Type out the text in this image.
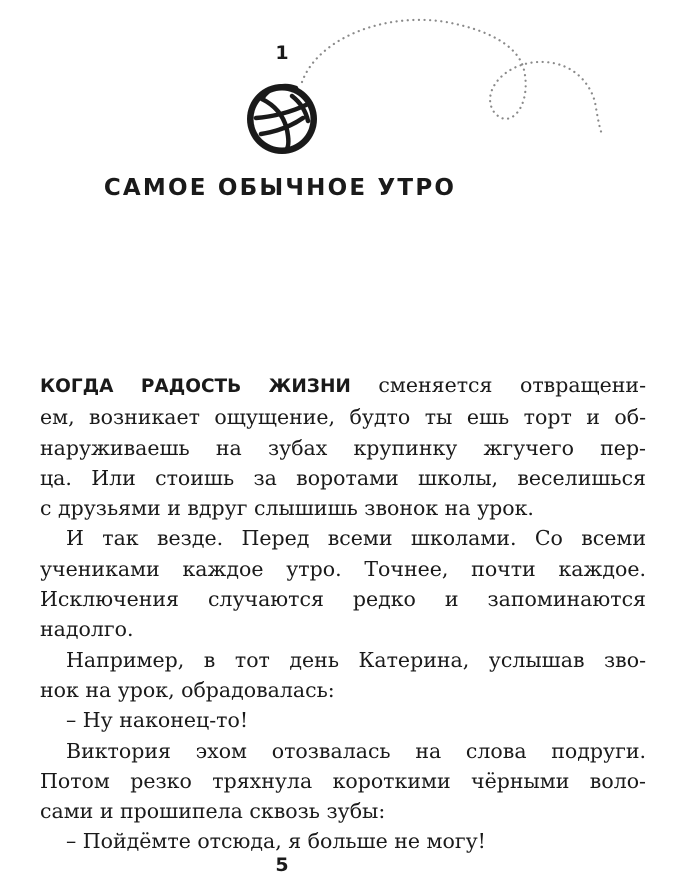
1
САМОЕ ОБЫЧНОЕ УТРО
КОГДА РАДОСТЬ ЖИЗНИ сменяется отвращени-
ем, возникает ощущение, будто ты ешь торт и об-
наруживаешь на зубах крупинку жгучего пер-
ца. Или стоишь за воротами школы, веселишься
с друзьями и вдруг слышишь звонок на урок.
И так везде. Перед всеми школами. Со всеми
учениками каждое утро. Точнее, почти каждое.
Исключения случаются редко и запоминаются
надолго.
Например, в тот день Катерина, услышав зво-
нок на урок, обрадовалась:
– Ну наконец-то!
Виктория эхом отозвалась на слова подруги.
Потом резко тряхнула короткими чёрными воло-
сами и прошипела сквозь зубы:
– Пойдёмте отсюда, я больше не могу!
5
